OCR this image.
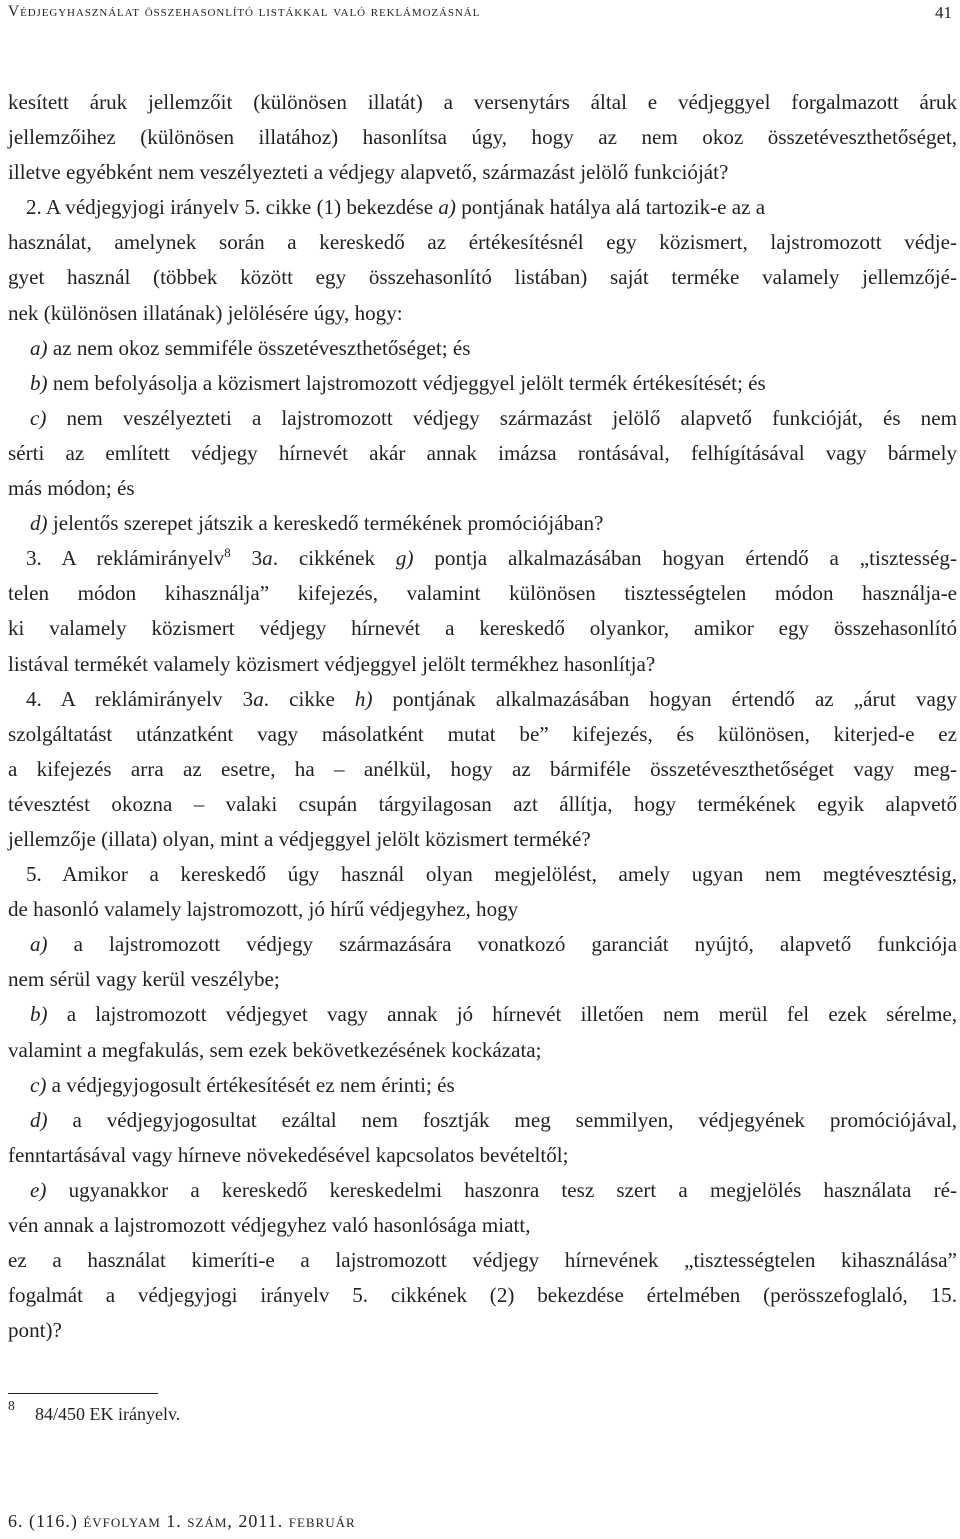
Védjegyhasználat összehasonlító listákkal való reklámozásnál	41
kesített áruk jellemzőit (különösen illatát) a versenytárs által e védjeggyel forgalmazott áruk
jellemzőihez (különösen illatához) hasonlítsa úgy, hogy az nem okoz összetéveszthetőséget,
illetve egyébként nem veszélyezteti a védjegy alapvető, származást jelölő funkcióját?
2. A védjegyjogi irányelv 5. cikke (1) bekezdése a) pontjának hatálya alá tartozik-e az a
használat, amelynek során a kereskedő az értékesítésnél egy közismert, lajstromozott védje-
gyet használ (többek között egy összehasonlító listában) saját terméke valamely jellemzőjé-
nek (különösen illatának) jelölésére úgy, hogy:
a) az nem okoz semmiféle összetéveszthetőséget; és
b) nem befolyásolja a közismert lajstromozott védjeggyel jelölt termék értékesítését; és
c) nem veszélyezteti a lajstromozott védjegy származást jelölő alapvető funkcióját, és nem
sérti az említett védjegy hírnevét akár annak imázsa rontásával, felhígításával vagy bármely
más módon; és
d) jelentős szerepet játszik a kereskedő termékének promóciójában?
3. A reklámirányelv$^8$ 3a. cikkének g) pontja alkalmazásában hogyan értendő a „tisztesség-
telen módon kihasználja” kifejezés, valamint különösen tisztességtelen módon használja-e
ki valamely közismert védjegy hírnevét a kereskedő olyankor, amikor egy összehasonlító
listával termékét valamely közismert védjeggyel jelölt termékhez hasonlítja?
4. A reklámirányelv 3a. cikke h) pontjának alkalmazásában hogyan értendő az „árut vagy
szolgáltatást utánzatként vagy másolatként mutat be” kifejezés, és különösen, kiterjed-e ez
a kifejezés arra az esetre, ha – anélkül, hogy az bármiféle összetéveszthetőséget vagy meg-
tévesztést okozna – valaki csupán tárgyilagosan azt állítja, hogy termékének egyik alapvető
jellemzője (illata) olyan, mint a védjeggyel jelölt közismert terméké?
5. Amikor a kereskedő úgy használ olyan megjelölést, amely ugyan nem megtévesztésig,
de hasonló valamely lajstromozott, jó hírű védjegyhez, hogy
a) a lajstromozott védjegy származására vonatkozó garanciát nyújtó, alapvető funkciója
nem sérül vagy kerül veszélybe;
b) a lajstromozott védjegyet vagy annak jó hírnevét illetően nem merül fel ezek sérelme,
valamint a megfakulás, sem ezek bekövetkezésének kockázata;
c) a védjegyjogosult értékesítését ez nem érinti; és
d) a védjegyjogosultat ezáltal nem fosztják meg semmilyen, védjegyének promóciójával,
fenntartásával vagy hírneve növekedésével kapcsolatos bevételtől;
e) ugyanakkor a kereskedő kereskedelmi haszonra tesz szert a megjelölés használata ré-
vén annak a lajstromozott védjegyhez való hasonlósága miatt,
ez a használat kimeríti-e a lajstromozott védjegy hírnevének „tisztességtelen kihasználása”
fogalmát a védjegyjogi irányelv 5. cikkének (2) bekezdése értelmében (perösszefoglaló, 15.
pont)?
8 84/450 EK irányelv.
6. (116.) évfolyam 1. szám, 2011. február
